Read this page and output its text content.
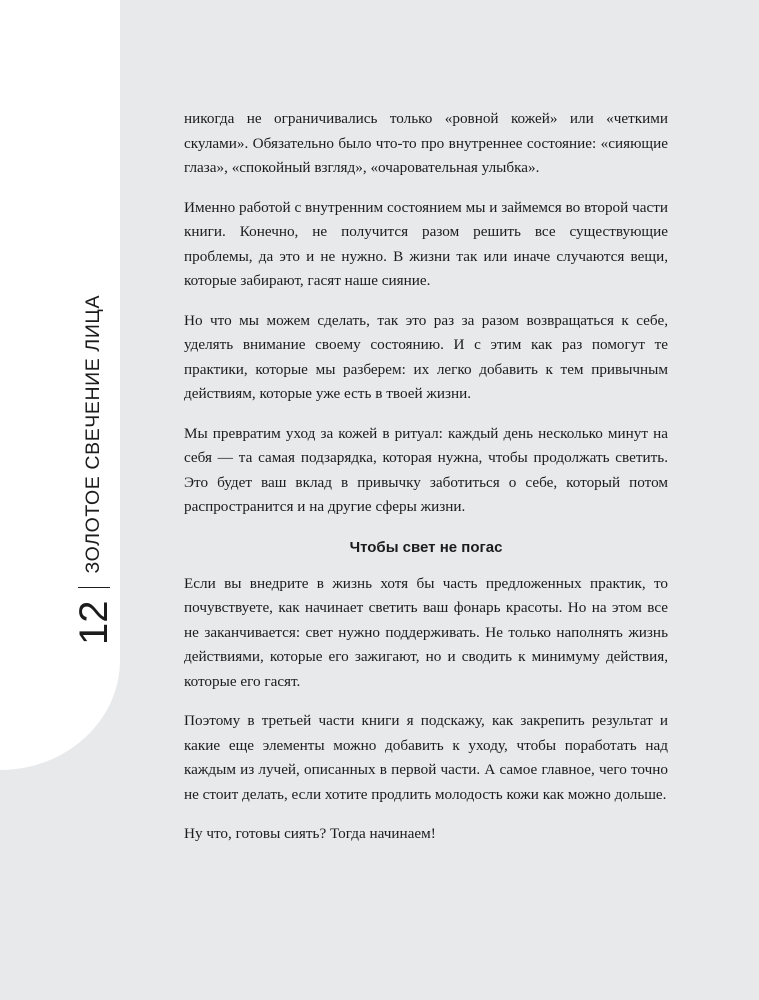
12
ЗОЛОТОЕ СВЕЧЕНИЕ ЛИЦА

никогда не ограничивались только «ровной кожей» или «четкими скулами». Обязательно было что-то про внутреннее состояние: «сияющие глаза», «спокойный взгляд», «очаровательная улыбка».

Именно работой с внутренним состоянием мы и займемся во второй части книги. Конечно, не получится разом решить все существующие проблемы, да это и не нужно. В жизни так или иначе случаются вещи, которые забирают, гасят наше сияние.

Но что мы можем сделать, так это раз за разом возвращаться к себе, уделять внимание своему состоянию. И с этим как раз помогут те практики, которые мы разберем: их легко добавить к тем привычным действиям, которые уже есть в твоей жизни.

Мы превратим уход за кожей в ритуал: каждый день несколько минут на себя — та самая подзарядка, которая нужна, чтобы продолжать светить. Это будет ваш вклад в привычку заботиться о себе, который потом распространится и на другие сферы жизни.

Чтобы свет не погас

Если вы внедрите в жизнь хотя бы часть предложенных практик, то почувствуете, как начинает светить ваш фонарь красоты. Но на этом все не заканчивается: свет нужно поддерживать. Не только наполнять жизнь действиями, которые его зажигают, но и сводить к минимуму действия, которые его гасят.

Поэтому в третьей части книги я подскажу, как закрепить результат и какие еще элементы можно добавить к уходу, чтобы поработать над каждым из лучей, описанных в первой части. А самое главное, чего точно не стоит делать, если хотите продлить молодость кожи как можно дольше.

Ну что, готовы сиять? Тогда начинаем!
